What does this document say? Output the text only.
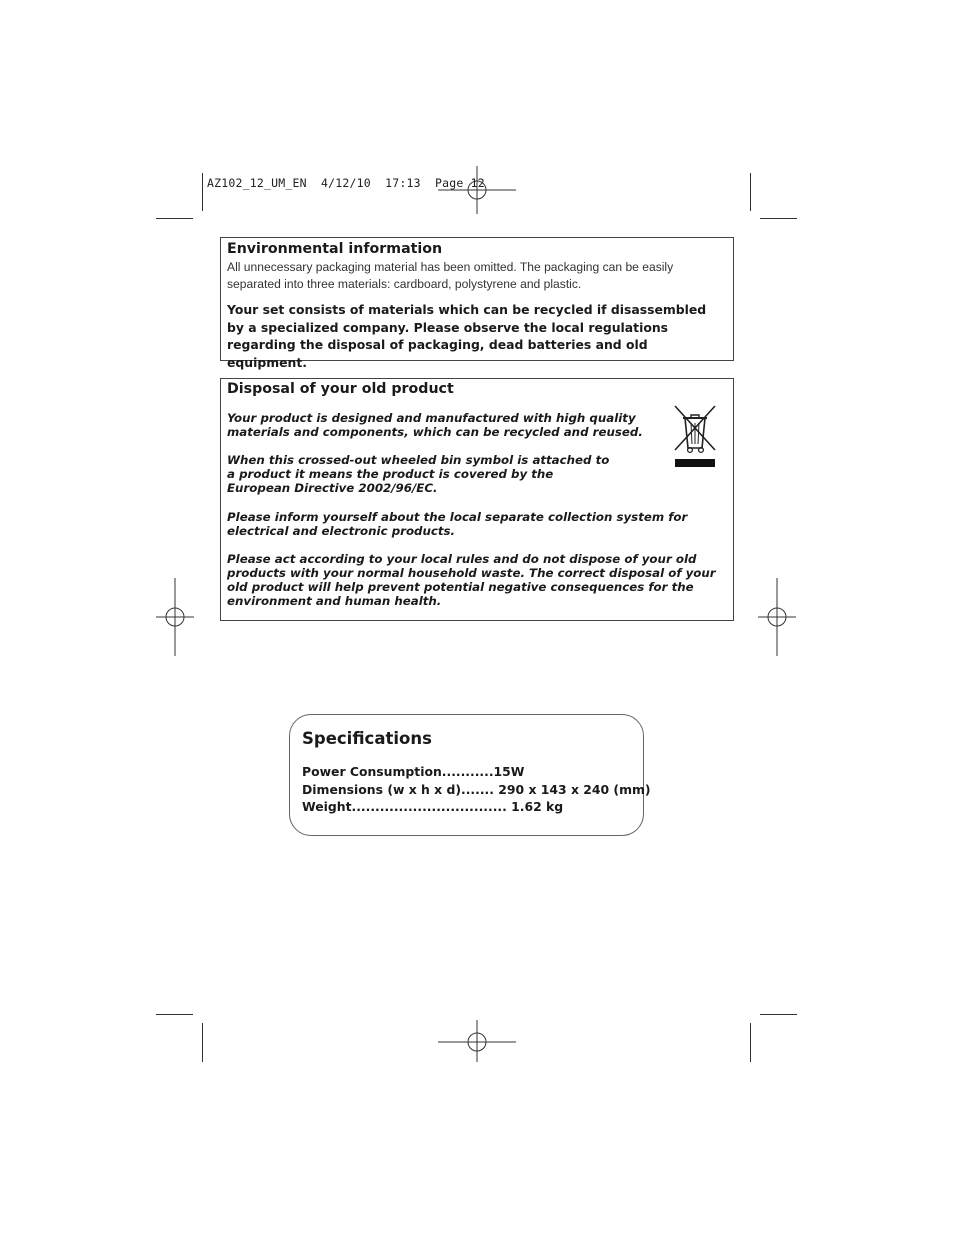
AZ102_12_UM_EN  4/12/10  17:13  Page 12
Environmental information
All unnecessary packaging material has been omitted. The packaging can be easily separated into three materials: cardboard, polystyrene and plastic.
Your set consists of materials which can be recycled if disassembled by a specialized company. Please observe the local regulations regarding the disposal of packaging, dead batteries and old equipment.
Disposal of your old product
Your product is designed and manufactured with high quality materials and components, which can be recycled and reused.
When this crossed-out wheeled bin symbol is attached to
a product it means the product is covered by the
European Directive 2002/96/EC.
Please inform yourself about the local separate collection system for electrical and electronic products.
Please act according to your local rules and do not dispose of your old products with your normal household waste. The correct disposal of your old product will help prevent potential negative consequences for the environment and human health.
Specifications
Power Consumption...........15W
Dimensions (w x h x d)....... 290 x 143 x 240 (mm)
Weight................................. 1.62 kg
